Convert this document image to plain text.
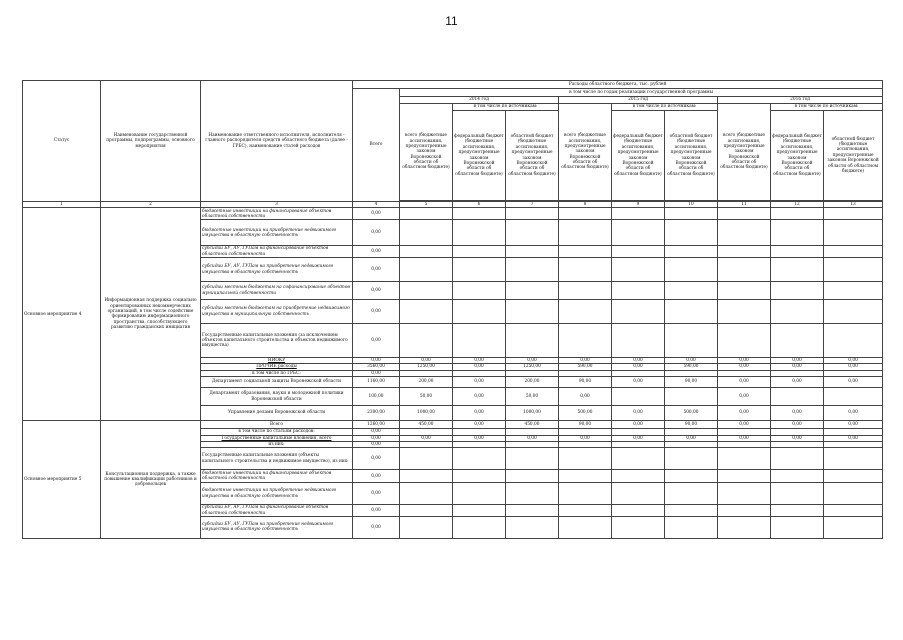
11
Статус	Наименование государственной программы, подпрограммы, основного мероприятия	Наименование ответственного исполнителя, исполнителя - главного распорядителя средств областного бюджета (далее - ГРБС), наименование статей расходов	Расходы областного бюджета, тыс. рублей									
			Всего	в том числе по годам реализации государственной программы								
				2014 год			2015 год			2016 год		
				всего (бюджетные ассигнования, предусмотренные законом Воронежской области об областном бюджете)	в том числе по источникам:		всего (бюджетные ассигнования, предусмотренные законом Воронежской области об областном бюджете)	в том числе по источникам:		всего (бюджетные ассигнования, предусмотренные законом Воронежской области об областном бюджете)	в том числе по источникам:	
					федеральный бюджет (бюджетные ассигнования, предусмотренные законом Воронежской области об областном бюджете)	областной бюджет (бюджетные ассигнования, предусмотренные законом Воронежской области об областном бюджете)		федеральный бюджет (бюджетные ассигнования, предусмотренные законом Воронежской области об областном бюджете)	областной бюджет (бюджетные ассигнования, предусмотренные законом Воронежской области об областном бюджете)		федеральный бюджет (бюджетные ассигнования, предусмотренные законом Воронежской области об областном бюджете)	областной бюджет (бюджетные ассигнования, предусмотренные законом Воронежской области об областном бюджете)

1	2	3	4	5	6	7	8	9	10	11	12	13
Основное мероприятие 4	Информационная поддержка социально ориентированных некоммерческих организаций, в том числе содействие формированию информационного пространства, способствующего развитию гражданских инициатив	бюджетные инвестиции на финансирование объектов областной собственности	0,00									
		бюджетные инвестиции на приобретение недвижимого имущества в областную собственность	0,00									
		субсидии БУ, АУ, ГУПам на финансирование объектов областной собственности	0,00									
		субсидии БУ, АУ, ГУПам на приобретение недвижимого имущества в областную собственность	0,00									
		субсидии местным бюджетам на софинансирование объектов муниципальной собственности	0,00									
		субсидии местным бюджетам на приобретение недвижимого имущества в муниципальную собственность	0,00									
		Государственные капитальные вложения (за исключением объектов капитального строительства и объектов недвижимого имущества)	0,00									
		НИОКР	0,00	0,00	0,00	0,00	0,00	0,00	0,00	0,00	0,00	0,00
		ПРОЧИЕ расходы	3560,00	1250,00	0,00	1250,00	590,00	0,00	590,00	0,00	0,00	0,00
		в том числе по ГРБС:	0,00									
		Департамент социальной защиты Воронежской области	1160,00	200,00	0,00	200,00	90,00	0,00	90,00	0,00	0,00	0,00
		Департамент образования, науки и молодежной политики Воронежской области	100,00	50,00	0,00	50,00	0,00			0,00		
		Управление делами Воронежской области	2300,00	1000,00	0,00	1000,00	500,00	0,00	500,00	0,00	0,00	0,00
Основное мероприятие 5	Консультационная поддержка, а также повышение квалификации работников и добровольцев	Всего	1260,00	450,00	0,00	450,00	90,00	0,00	90,00	0,00	0,00	0,00
		в том числе по статьям расходов:	0,00									
		Государственные капитальные вложения, всего	0,00	0,00	0,00	0,00	0,00	0,00	0,00	0,00	0,00	0,00
		из них:	0,00									
		Государственные капитальные вложения (объекты капитального строительства и недвижимое имущество), из них:	0,00									
		бюджетные инвестиции на финансирование объектов областной собственности	0,00									
		бюджетные инвестиции на приобретение недвижимого имущества в областную собственность	0,00									
		субсидии БУ, АУ, ГУПам на финансирование объектов областной собственности	0,00									
		субсидии БУ, АУ, ГУПам на приобретение недвижимого имущества в областную собственность	0,00									
